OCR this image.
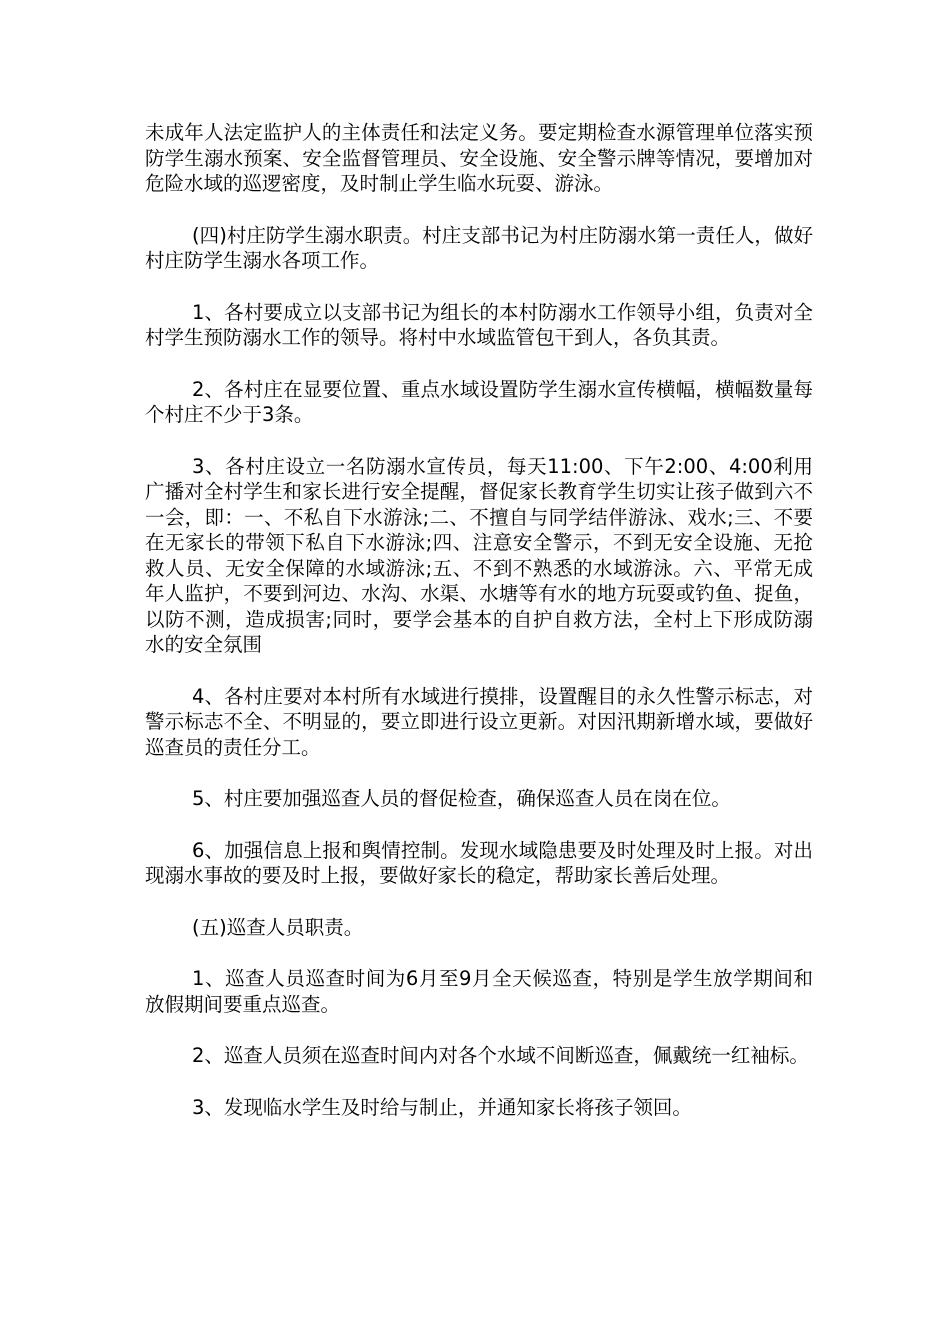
未成年人法定监护人的主体责任和法定义务。要定期检查水源管理单位落实预防学生溺水预案、安全监督管理员、安全设施、安全警示牌等情况，要增加对危险水域的巡逻密度，及时制止学生临水玩耍、游泳。

(四)村庄防学生溺水职责。村庄支部书记为村庄防溺水第一责任人，做好村庄防学生溺水各项工作。

1、各村要成立以支部书记为组长的本村防溺水工作领导小组，负责对全村学生预防溺水工作的领导。将村中水域监管包干到人，各负其责。

2、各村庄在显要位置、重点水域设置防学生溺水宣传横幅，横幅数量每个村庄不少于3条。

3、各村庄设立一名防溺水宣传员，每天11:00、下午2:00、4:00利用广播对全村学生和家长进行安全提醒，督促家长教育学生切实让孩子做到六不一会，即：一、不私自下水游泳;二、不擅自与同学结伴游泳、戏水;三、不要在无家长的带领下私自下水游泳;四、注意安全警示，不到无安全设施、无抢救人员、无安全保障的水域游泳;五、不到不熟悉的水域游泳。六、平常无成年人监护，不要到河边、水沟、水渠、水塘等有水的地方玩耍或钓鱼、捉鱼，以防不测，造成损害;同时，要学会基本的自护自救方法，全村上下形成防溺水的安全氛围

4、各村庄要对本村所有水域进行摸排，设置醒目的永久性警示标志，对警示标志不全、不明显的，要立即进行设立更新。对因汛期新增水域，要做好巡查员的责任分工。

5、村庄要加强巡查人员的督促检查，确保巡查人员在岗在位。

6、加强信息上报和舆情控制。发现水域隐患要及时处理及时上报。对出现溺水事故的要及时上报，要做好家长的稳定，帮助家长善后处理。

(五)巡查人员职责。

1、巡查人员巡查时间为6月至9月全天候巡查，特别是学生放学期间和放假期间要重点巡查。

2、巡查人员须在巡查时间内对各个水域不间断巡查，佩戴统一红袖标。

3、发现临水学生及时给与制止，并通知家长将孩子领回。
